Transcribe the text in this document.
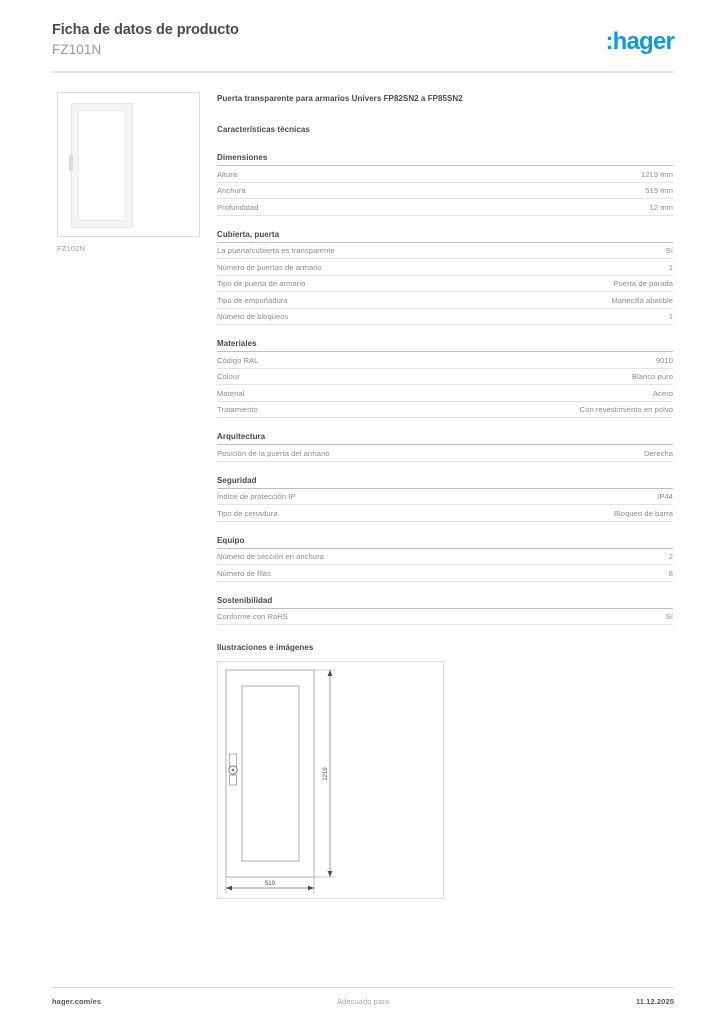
Ficha de datos de producto
FZ101N	:hager
FZ102N
Puerta transparente para armarios Univers FP82SN2 a FP85SN2
Características técnicas
Dimensiones
Altura	1219 mm
Anchura	519 mm
Profundidad	12 mm
Cubierta, puerta
La puerta/cubierta es transparente	Sí
Número de puertas de armario	1
Tipo de puerta de armario	Puerta de parada
Tipo de empuñadura	Manecilla abatible
Número de bloqueos	1
Materiales
Código RAL	9010
Colour	Blanco puro
Material	Acero
Tratamiento	Con revestimiento en polvo
Arquitectura
Posición de la puerta del armario	Derecha
Seguridad
Índice de protección IP	IP44
Tipo de cerradura	Bloqueo de barra
Equipo
Número de sección en anchura	2
Número de filas	8
Sostenibilidad
Conforme con RoHS	Sí
Ilustraciones e imágenes
1219
519
hager.com/es	Adecuado para	11.12.2025
